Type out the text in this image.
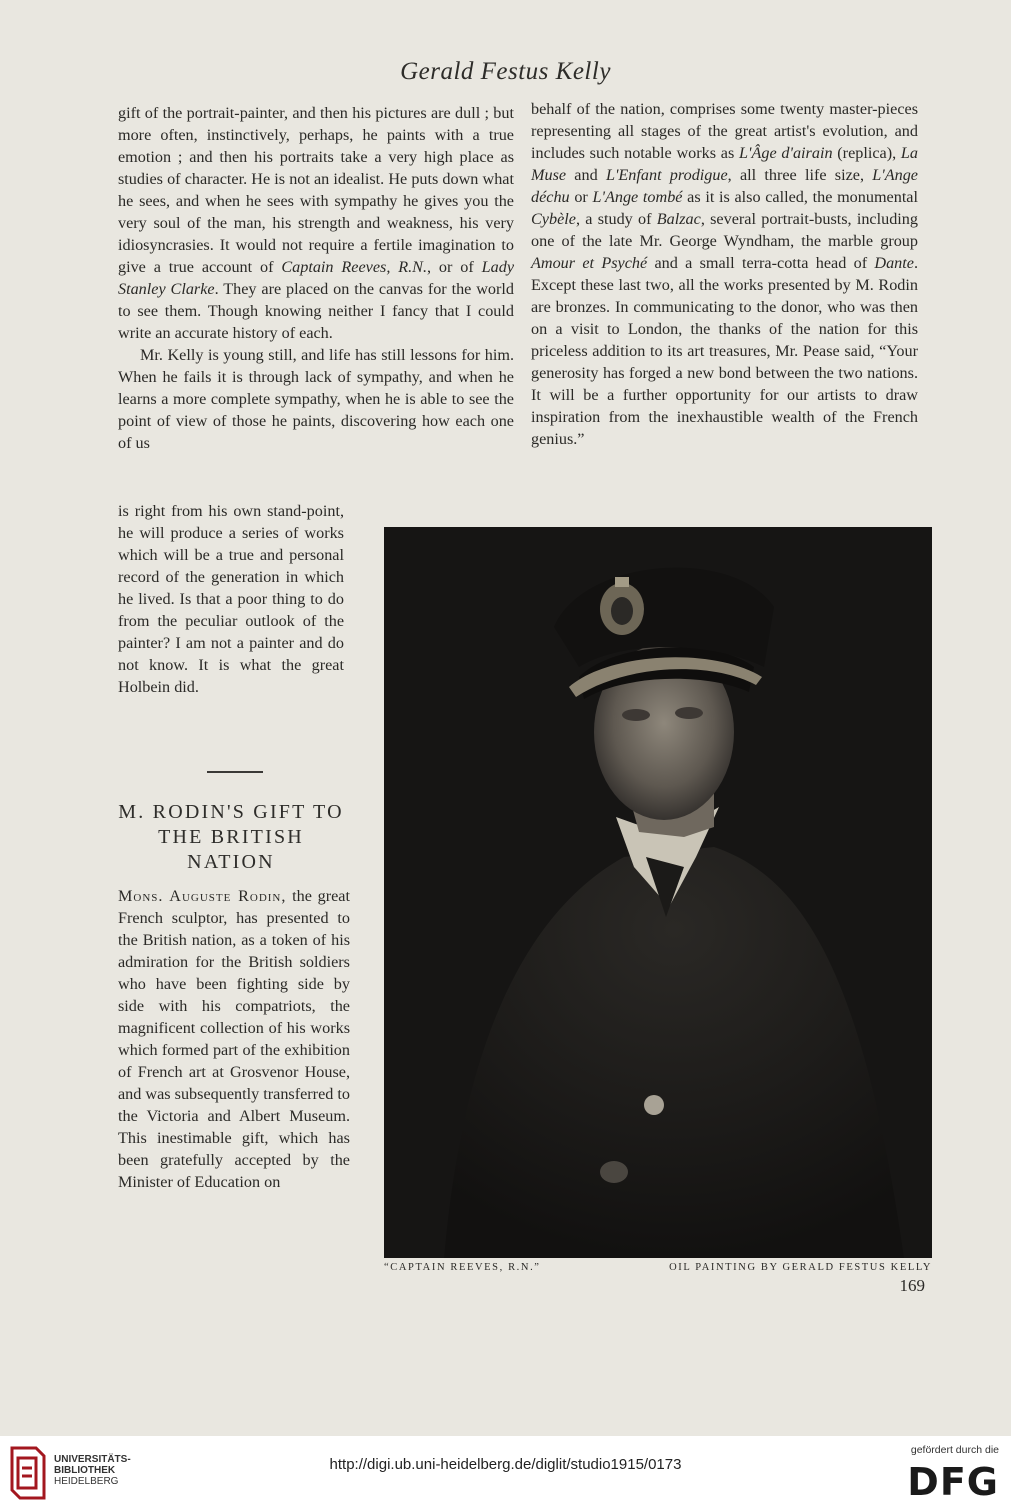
Gerald Festus Kelly

gift of the portrait-painter, and then his pictures are dull ; but more often, instinctively, perhaps, he paints with a true emotion ; and then his portraits take a very high place as studies of character. He is not an idealist. He puts down what he sees, and when he sees with sympathy he gives you the very soul of the man, his strength and weakness, his very idiosyncrasies. It would not require a fertile imagination to give a true account of Captain Reeves, R.N., or of Lady Stanley Clarke. They are placed on the canvas for the world to see them. Though knowing neither I fancy that I could write an accurate history of each.

Mr. Kelly is young still, and life has still lessons for him. When he fails it is through lack of sympathy, and when he learns a more complete sympathy, when he is able to see the point of view of those he paints, discovering how each one of us

is right from his own stand-point, he will produce a series of works which will be a true and personal record of the generation in which he lived. Is that a poor thing to do from the peculiar outlook of the painter? I am not a painter and do not know. It is what the great Holbein did.

M. RODIN'S GIFT TO THE BRITISH NATION

Mons. Auguste Rodin, the great French sculptor, has presented to the British nation, as a token of his admiration for the British soldiers who have been fighting side by side with his compatriots, the magnificent collection of his works which formed part of the exhibition of French art at Grosvenor House, and was subsequently transferred to the Victoria and Albert Museum. This inestimable gift, which has been gratefully accepted by the Minister of Education on

behalf of the nation, comprises some twenty master-pieces representing all stages of the great artist's evolution, and includes such notable works as L'Âge d'airain (replica), La Muse and L'Enfant prodigue, all three life size, L'Ange déchu or L'Ange tombé as it is also called, the monumental Cybèle, a study of Balzac, several portrait-busts, including one of the late Mr. George Wyndham, the marble group Amour et Psyché and a small terra-cotta head of Dante. Except these last two, all the works presented by M. Rodin are bronzes. In communicating to the donor, who was then on a visit to London, the thanks of the nation for this priceless addition to its art treasures, Mr. Pease said, “Your generosity has forged a new bond between the two nations. It will be a further opportunity for our artists to draw inspiration from the inexhaustible wealth of the French genius.”

“CAPTAIN REEVES, R.N.”	OIL PAINTING BY GERALD FESTUS KELLY
169
UNIVERSITÄTS-
BIBLIOTHEK
HEIDELBERG
http://digi.ub.uni-heidelberg.de/diglit/studio1915/0173
gefördert durch die
DFG
